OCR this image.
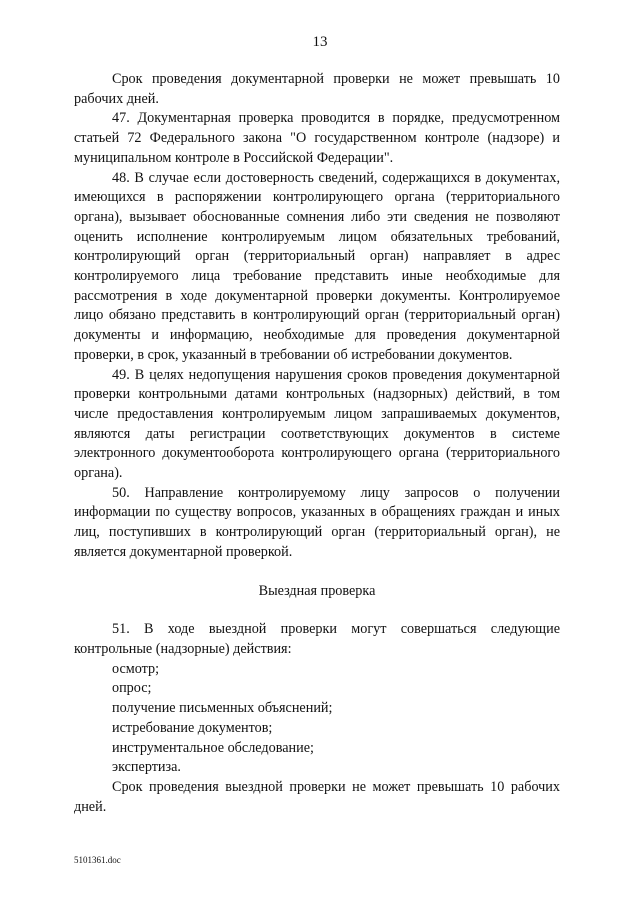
13

Срок проведения документарной проверки не может превышать 10 рабочих дней.

47. Документарная проверка проводится в порядке, предусмотренном статьей 72 Федерального закона "О государственном контроле (надзоре) и муниципальном контроле в Российской Федерации".

48. В случае если достоверность сведений, содержащихся в документах, имеющихся в распоряжении контролирующего органа (территориального органа), вызывает обоснованные сомнения либо эти сведения не позволяют оценить исполнение контролируемым лицом обязательных требований, контролирующий орган (территориальный орган) направляет в адрес контролируемого лица требование представить иные необходимые для рассмотрения в ходе документарной проверки документы. Контролируемое лицо обязано представить в контролирующий орган (территориальный орган) документы и информацию, необходимые для проведения документарной проверки, в срок, указанный в требовании об истребовании документов.

49. В целях недопущения нарушения сроков проведения документарной проверки контрольными датами контрольных (надзорных) действий, в том числе предоставления контролируемым лицом запрашиваемых документов, являются даты регистрации соответствующих документов в системе электронного документооборота контролирующего органа (территориального органа).

50. Направление контролируемому лицу запросов о получении информации по существу вопросов, указанных в обращениях граждан и иных лиц, поступивших в контролирующий орган (территориальный орган), не является документарной проверкой.

Выездная проверка

51. В ходе выездной проверки могут совершаться следующие контрольные (надзорные) действия:

осмотр;

опрос;

получение письменных объяснений;

истребование документов;

инструментальное обследование;

экспертиза.

Срок проведения выездной проверки не может превышать 10 рабочих дней.

5101361.doc
